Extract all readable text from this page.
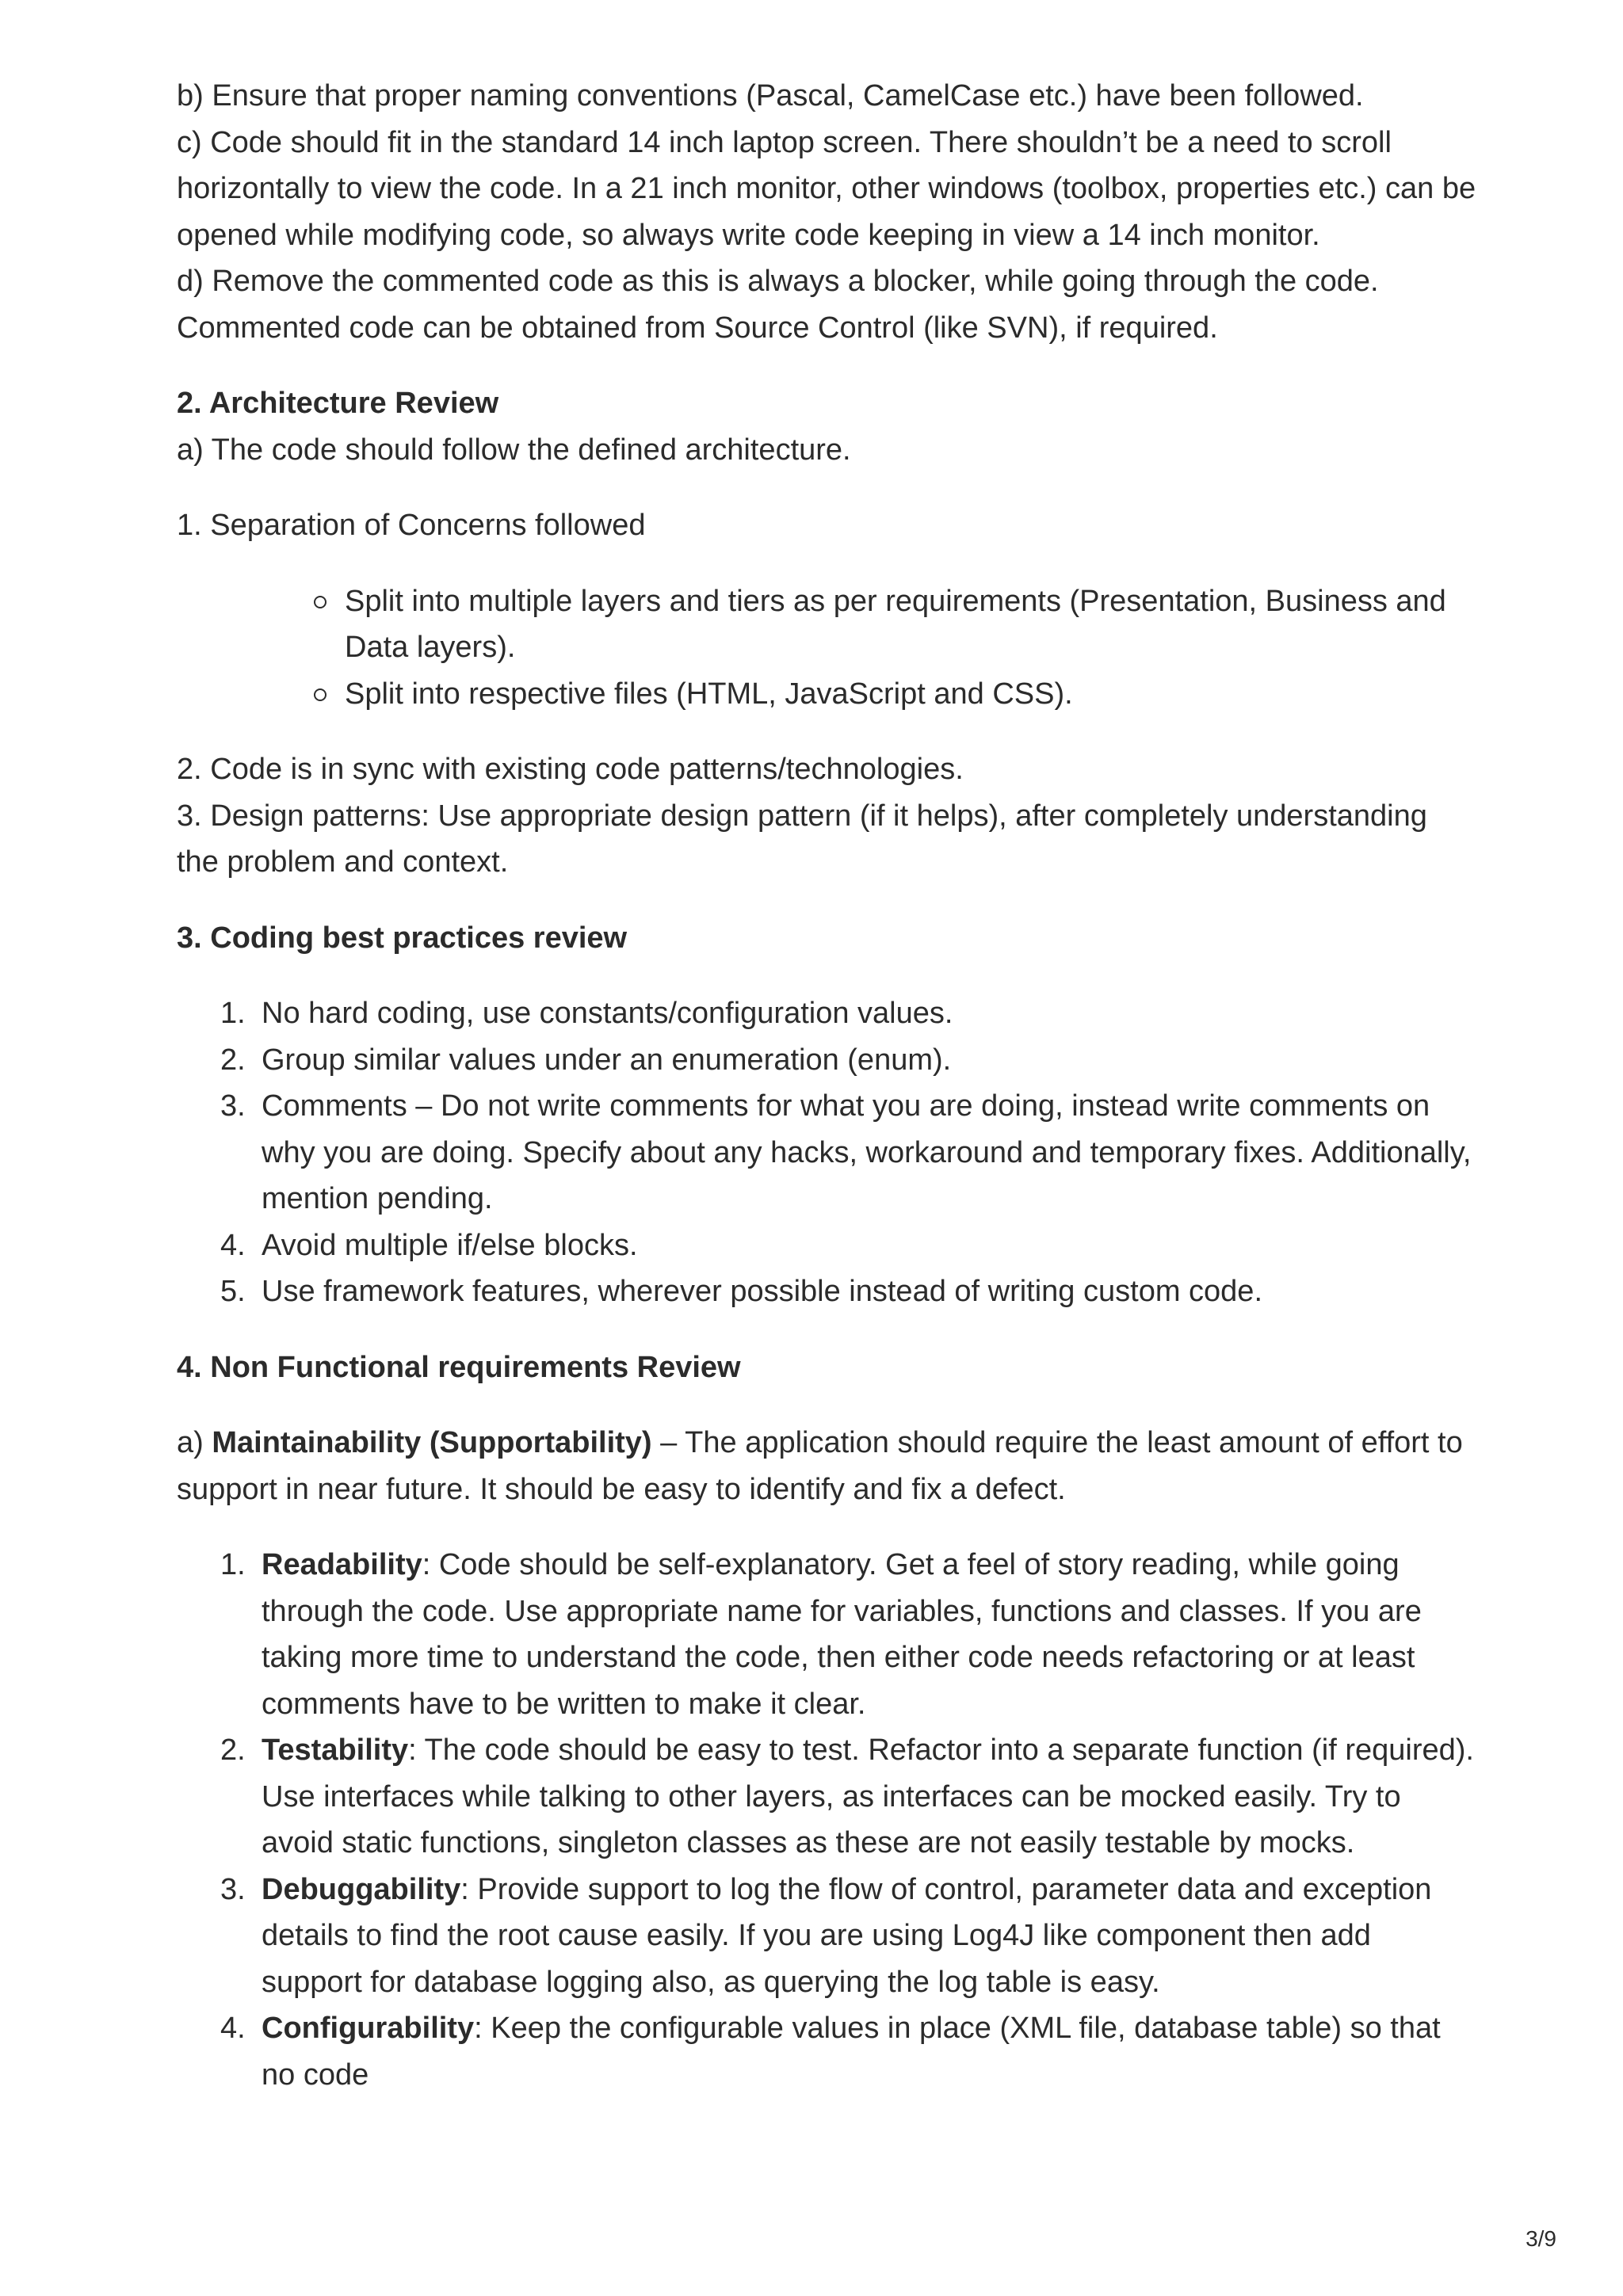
b) Ensure that proper naming conventions (Pascal, CamelCase etc.) have been followed.

c) Code should fit in the standard 14 inch laptop screen. There shouldn’t be a need to scroll horizontally to view the code. In a 21 inch monitor, other windows (toolbox, properties etc.) can be opened while modifying code, so always write code keeping in view a 14 inch monitor.

d) Remove the commented code as this is always a blocker, while going through the code. Commented code can be obtained from Source Control (like SVN), if required.

2. Architecture Review

a) The code should follow the defined architecture.

1. Separation of Concerns followed

Split into multiple layers and tiers as per requirements (Presentation, Business and Data layers).
Split into respective files (HTML, JavaScript and CSS).

2. Code is in sync with existing code patterns/technologies.

3. Design patterns: Use appropriate design pattern (if it helps), after completely understanding the problem and context.

3. Coding best practices review
1. No hard coding, use constants/configuration values.
2. Group similar values under an enumeration (enum).
3. Comments – Do not write comments for what you are doing, instead write comments on why you are doing. Specify about any hacks, workaround and temporary fixes. Additionally, mention pending.
4. Avoid multiple if/else blocks.
5. Use framework features, wherever possible instead of writing custom code.
4. Non Functional requirements Review

a) Maintainability (Supportability) – The application should require the least amount of effort to support in near future. It should be easy to identify and fix a defect.

1. Readability: Code should be self-explanatory. Get a feel of story reading, while going through the code. Use appropriate name for variables, functions and classes. If you are taking more time to understand the code, then either code needs refactoring or at least comments have to be written to make it clear.
2. Testability: The code should be easy to test. Refactor into a separate function (if required). Use interfaces while talking to other layers, as interfaces can be mocked easily. Try to avoid static functions, singleton classes as these are not easily testable by mocks.
3. Debuggability: Provide support to log the flow of control, parameter data and exception details to find the root cause easily. If you are using Log4J like component then add support for database logging also, as querying the log table is easy.
4. Configurability: Keep the configurable values in place (XML file, database table) so that no code
3/9
